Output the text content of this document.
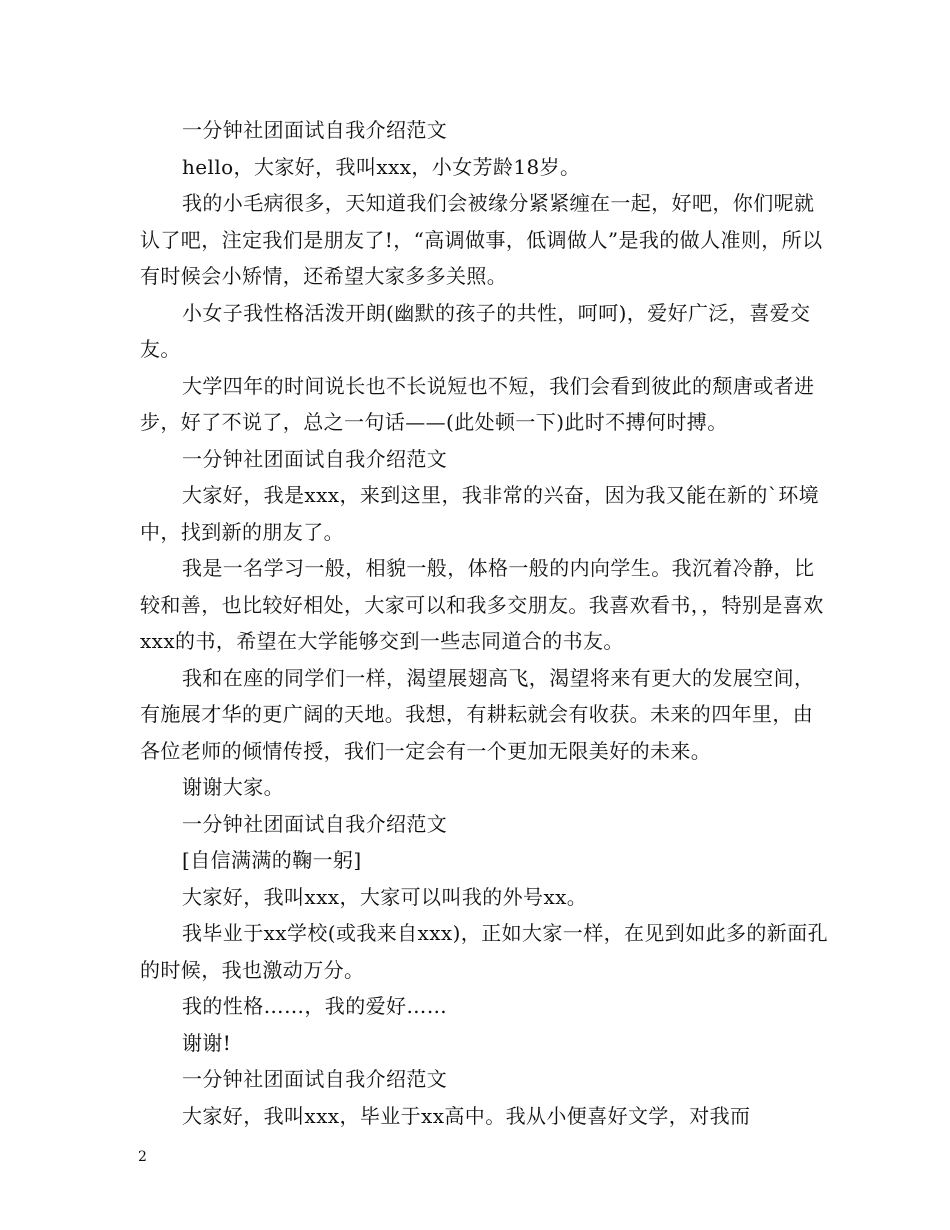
一分钟社团面试自我介绍范文

hello，大家好，我叫xxx，小女芳龄18岁。

我的小毛病很多，天知道我们会被缘分紧紧缠在一起，好吧，你们呢就认了吧，注定我们是朋友了!，“高调做事，低调做人”是我的做人准则，所以有时候会小矫情，还希望大家多多关照。

小女子我性格活泼开朗(幽默的孩子的共性，呵呵)，爱好广泛，喜爱交友。

大学四年的时间说长也不长说短也不短，我们会看到彼此的颓唐或者进步，好了不说了，总之一句话——(此处顿一下)此时不搏何时搏。

一分钟社团面试自我介绍范文

大家好，我是xxx，来到这里，我非常的兴奋，因为我又能在新的`环境中，找到新的朋友了。

我是一名学习一般，相貌一般，体格一般的内向学生。我沉着冷静，比较和善，也比较好相处，大家可以和我多交朋友。我喜欢看书，，特别是喜欢xxx的书，希望在大学能够交到一些志同道合的书友。

我和在座的同学们一样，渴望展翅高飞，渴望将来有更大的发展空间，有施展才华的更广阔的天地。我想，有耕耘就会有收获。未来的四年里，由各位老师的倾情传授，我们一定会有一个更加无限美好的未来。

谢谢大家。

一分钟社团面试自我介绍范文

[自信满满的鞠一躬]

大家好，我叫xxx，大家可以叫我的外号xx。

我毕业于xx学校(或我来自xxx)，正如大家一样，在见到如此多的新面孔的时候，我也激动万分。

我的性格……，我的爱好……

谢谢!

一分钟社团面试自我介绍范文

大家好，我叫xxx，毕业于xx高中。我从小便喜好文学，对我而

2
